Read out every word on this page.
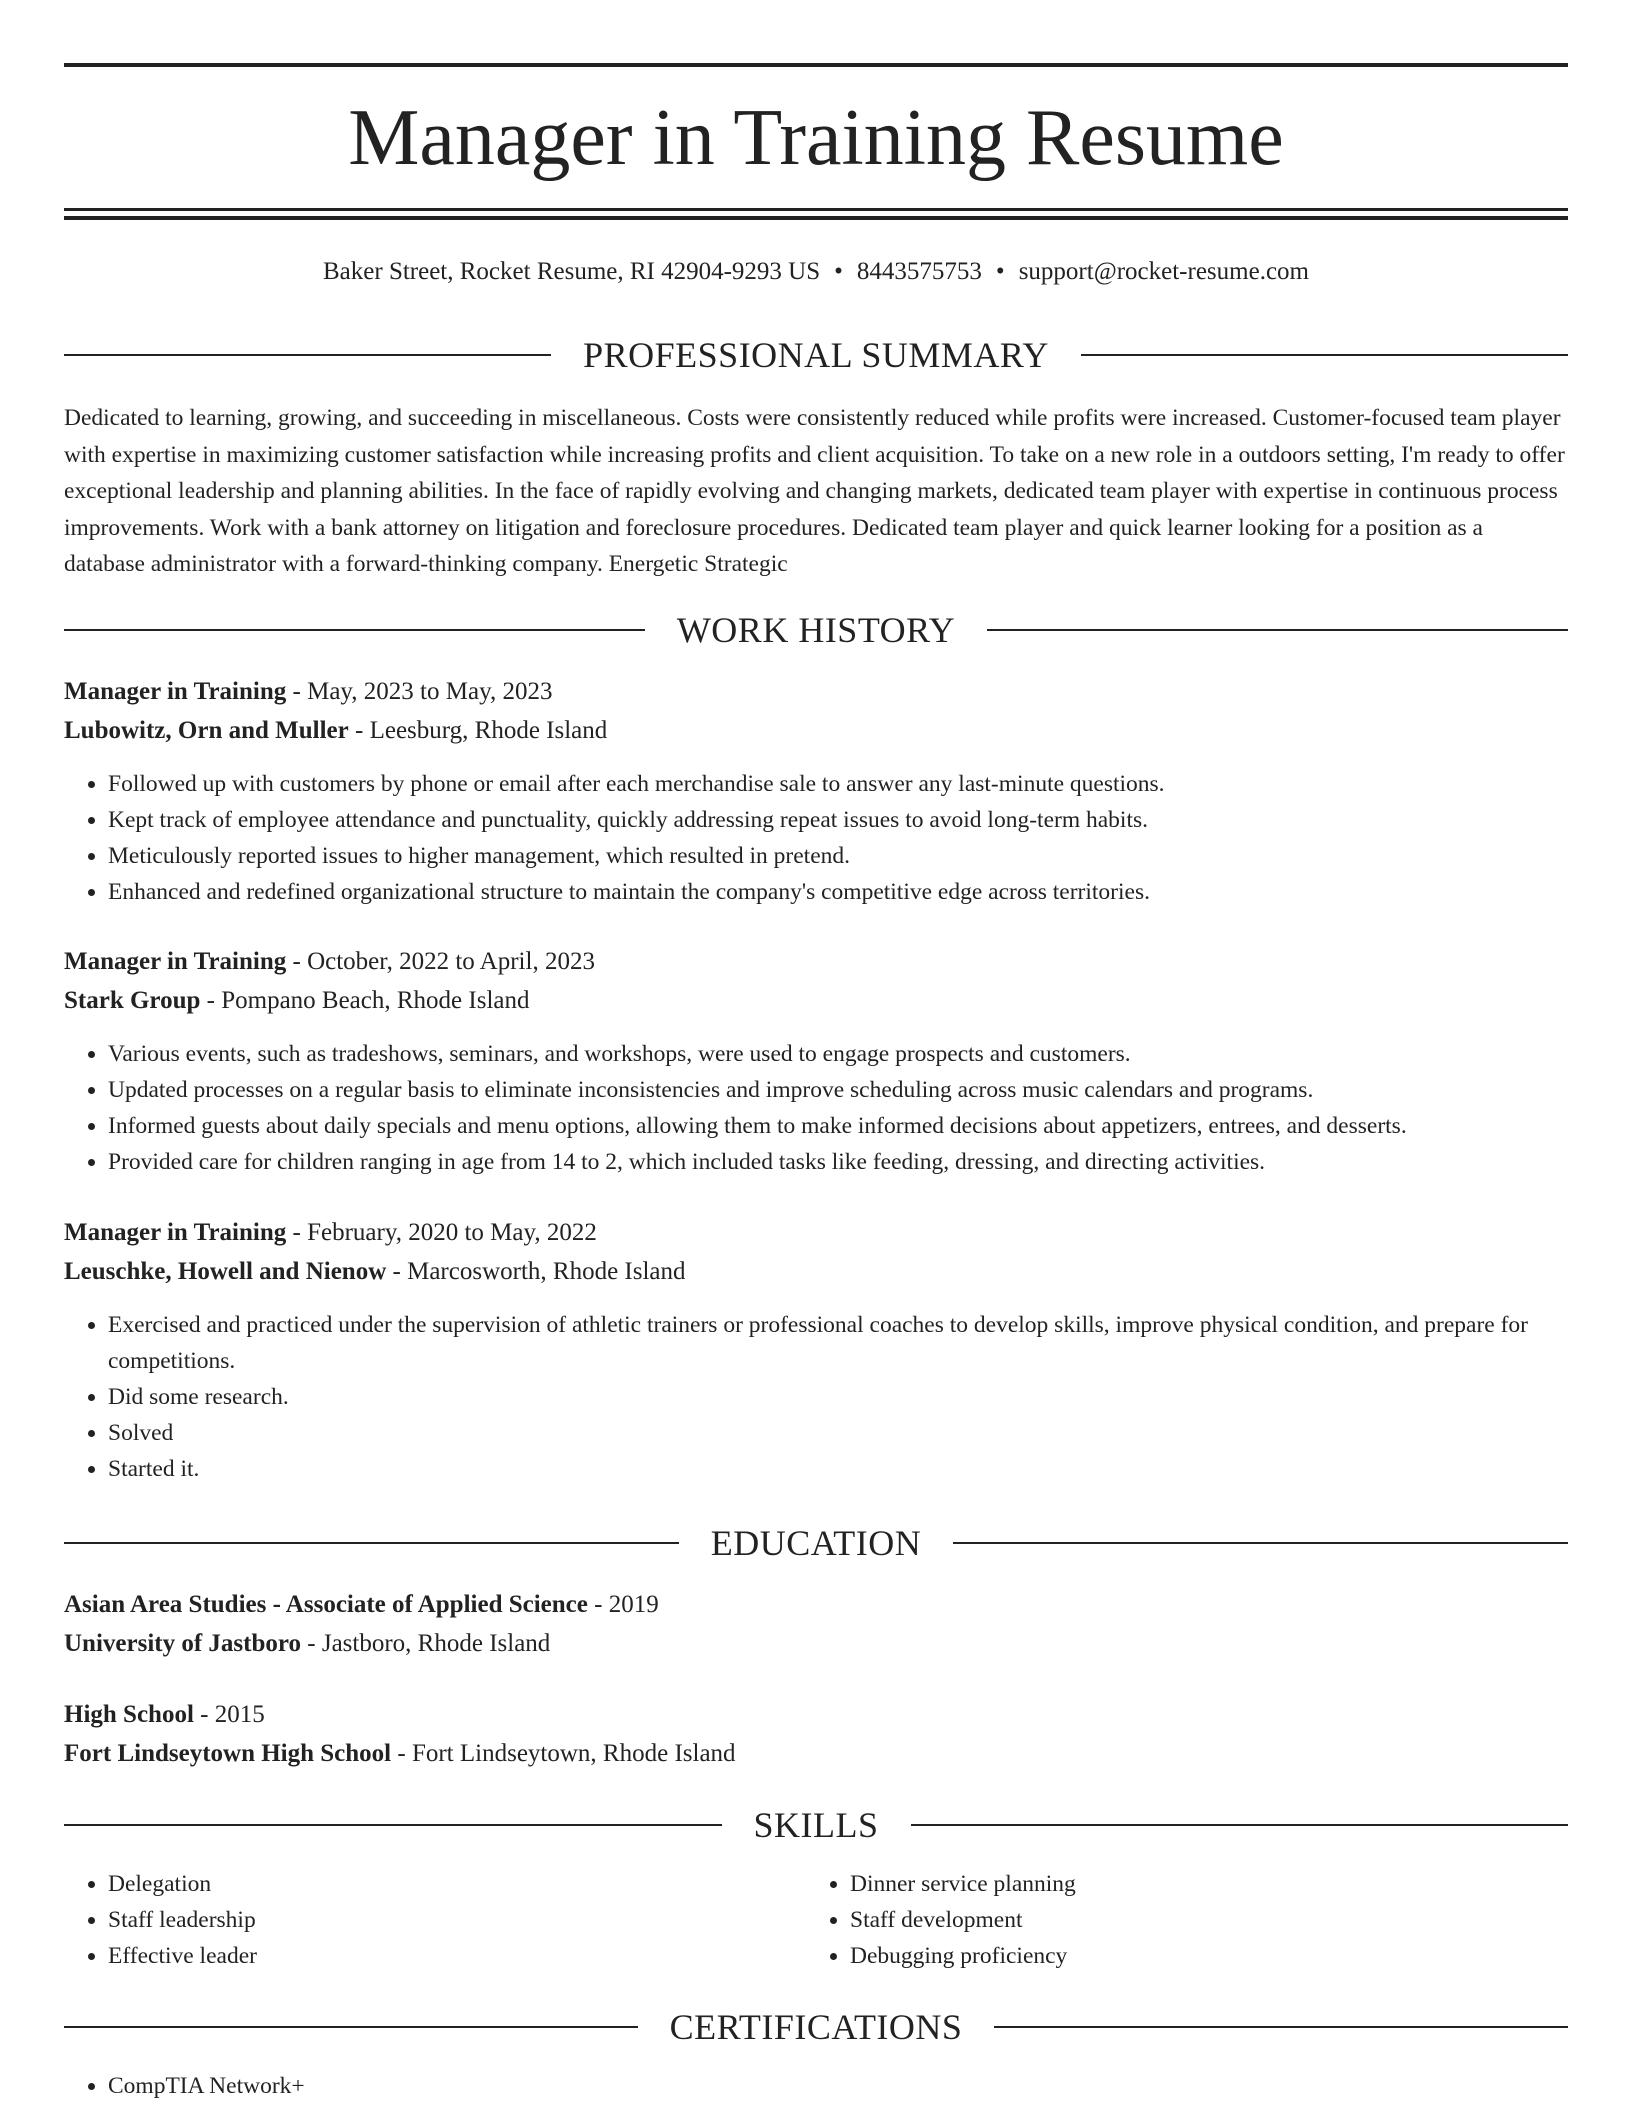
Manager in Training Resume
Baker Street, Rocket Resume, RI 42904-9293 US • 8443575753 • support@rocket-resume.com
PROFESSIONAL SUMMARY

Dedicated to learning, growing, and succeeding in miscellaneous. Costs were consistently reduced while profits were increased. Customer-focused team player with expertise in maximizing customer satisfaction while increasing profits and client acquisition. To take on a new role in a outdoors setting, I'm ready to offer exceptional leadership and planning abilities. In the face of rapidly evolving and changing markets, dedicated team player with expertise in continuous process improvements. Work with a bank attorney on litigation and foreclosure procedures. Dedicated team player and quick learner looking for a position as a database administrator with a forward-thinking company. Energetic Strategic

WORK HISTORY
Manager in Training - May, 2023 to May, 2023
Lubowitz, Orn and Muller - Leesburg, Rhode Island
• Followed up with customers by phone or email after each merchandise sale to answer any last-minute questions.
• Kept track of employee attendance and punctuality, quickly addressing repeat issues to avoid long-term habits.
• Meticulously reported issues to higher management, which resulted in pretend.
• Enhanced and redefined organizational structure to maintain the company's competitive edge across territories.
Manager in Training - October, 2022 to April, 2023
Stark Group - Pompano Beach, Rhode Island
• Various events, such as tradeshows, seminars, and workshops, were used to engage prospects and customers.
• Updated processes on a regular basis to eliminate inconsistencies and improve scheduling across music calendars and programs.
• Informed guests about daily specials and menu options, allowing them to make informed decisions about appetizers, entrees, and desserts.
• Provided care for children ranging in age from 14 to 2, which included tasks like feeding, dressing, and directing activities.
Manager in Training - February, 2020 to May, 2022
Leuschke, Howell and Nienow - Marcosworth, Rhode Island
• Exercised and practiced under the supervision of athletic trainers or professional coaches to develop skills, improve physical condition, and prepare for competitions.
• Did some research.
• Solved
• Started it.
EDUCATION
Asian Area Studies - Associate of Applied Science - 2019
University of Jastboro - Jastboro, Rhode Island
High School - 2015
Fort Lindseytown High School - Fort Lindseytown, Rhode Island
SKILLS
• Delegation
• Staff leadership
• Effective leader
• Dinner service planning
• Staff development
• Debugging proficiency
CERTIFICATIONS
• CompTIA Network+
